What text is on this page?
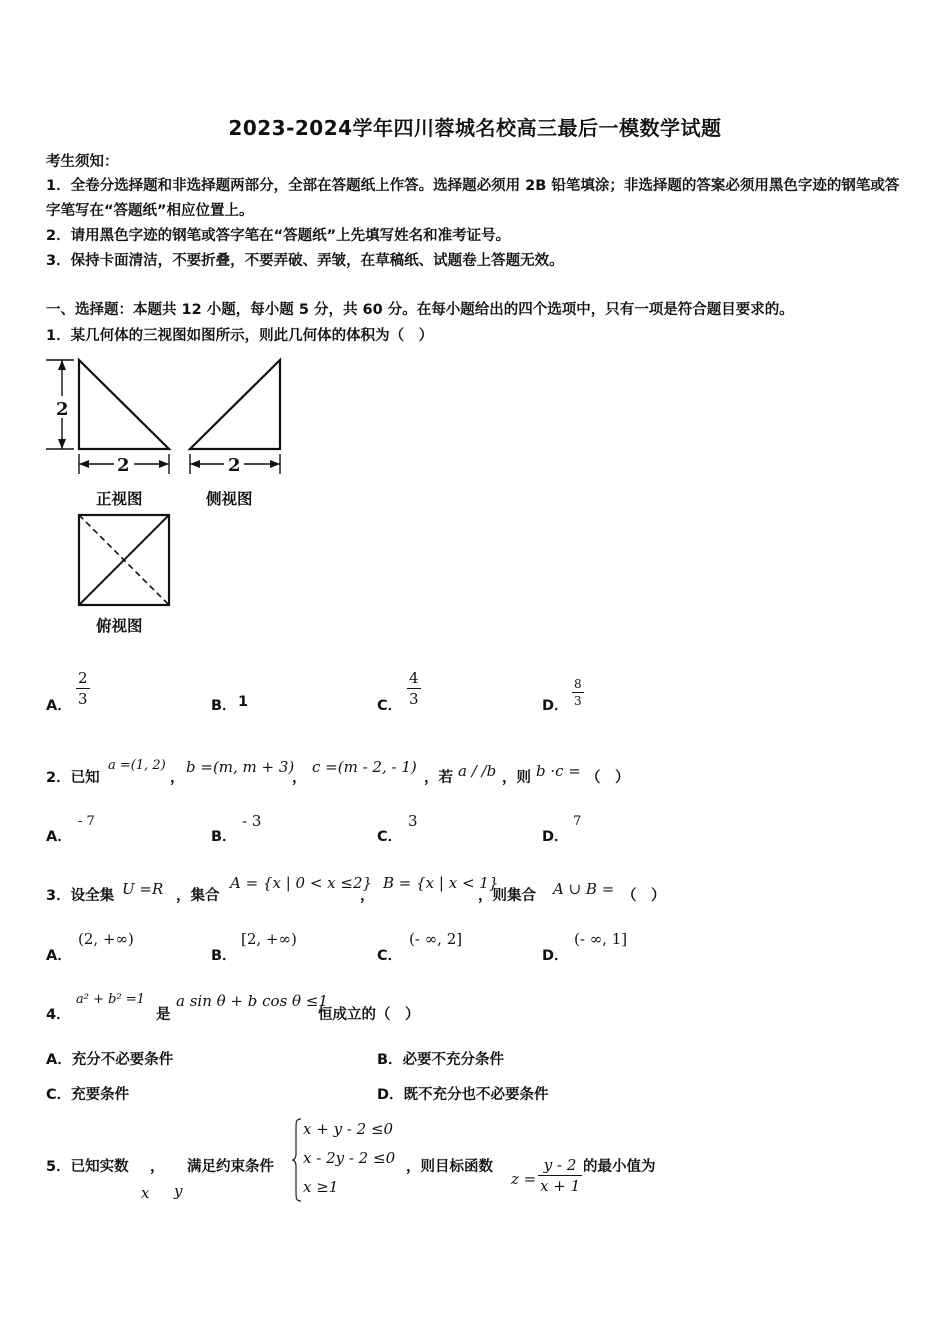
2023-2024学年四川蓉城名校高三最后一模数学试题
考生须知：
1．全卷分选择题和非选择题两部分，全部在答题纸上作答。选择题必须用 2B 铅笔填涂；非选择题的答案必须用黑色字迹的钢笔或答字笔写在“答题纸”相应位置上。
2．请用黑色字迹的钢笔或答字笔在“答题纸”上先填写姓名和准考证号。
3．保持卡面清洁，不要折叠，不要弄破、弄皱，在草稿纸、试题卷上答题无效。
一、选择题：本题共 12 小题，每小题 5 分，共 60 分。在每小题给出的四个选项中，只有一项是符合题目要求的。
1．某几何体的三视图如图所示，则此几何体的体积为（　）
2
2	2
正视图	侧视图
俯视图
A． $\frac{2}{3}$	B． 1	C． $\frac{4}{3}$	D． $\frac{8}{3}$
2．已知
a =(1, 2)
，
b =(m, m + 3)
，
c =(m - 2, - 1)
，若 a / /b ，则 b ·c = （　）
A．
- 7
B．
- 3
C．
3
D．
7
3．设全集 U =R ，集合
A = {x | 0 < x ≤2}
，
B = {x | x < 1}
，则集合 A ∪ B = （　）
A．
(2, +∞)
B．
[2, +∞)
C．
(- ∞, 2]
D．
(- ∞, 1]
4．
a² + b² =1
是
a sin θ + b cos θ ≤1
恒成立的（　）
A．充分不必要条件	B．必要不充分条件
C．充要条件	D．既不充分也不必要条件
5．已知实数 ， 满足约束条件
x y
x + y - 2 ≤0
x - 2y - 2 ≤0
x ≥1
，则目标函数
$z = \frac{y - 2}{x + 1}$ 的最小值为
